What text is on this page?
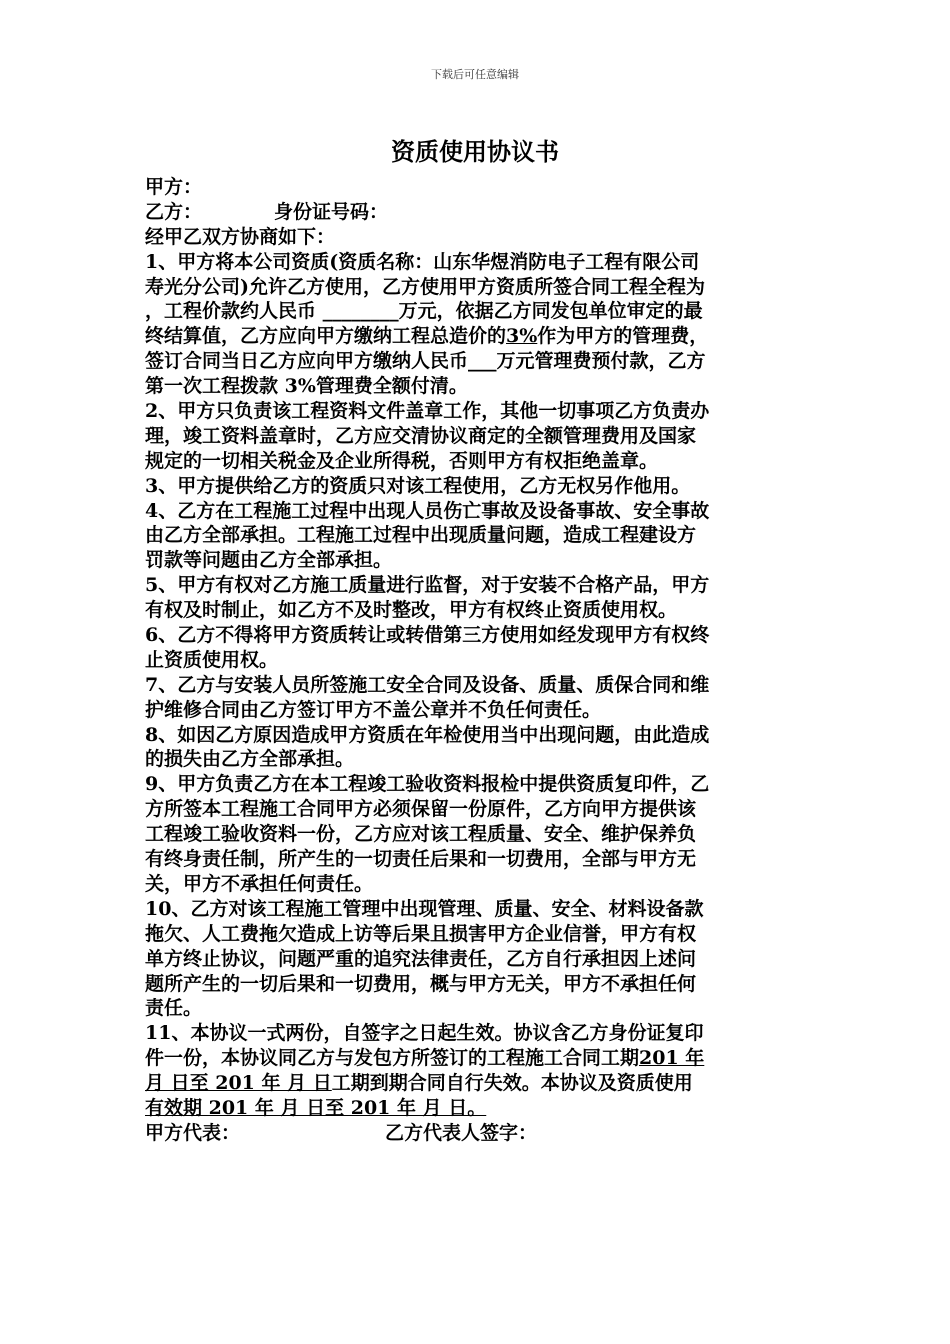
下载后可任意编辑
资质使用协议书
甲方：
乙方：	身份证号码：
经甲乙双方协商如下：
1、甲方将本公司资质(资质名称：山东华煜消防电子工程有限公司
寿光分公司)允许乙方使用，乙方使用甲方资质所签合同工程全程为
，工程价款约人民币 ________万元，依据乙方同发包单位审定的最
终结算值，乙方应向甲方缴纳工程总造价的3%作为甲方的管理费，
签订合同当日乙方应向甲方缴纳人民币___万元管理费预付款，乙方
第一次工程拨款 3%管理费全额付清。
2、甲方只负责该工程资料文件盖章工作，其他一切事项乙方负责办
理，竣工资料盖章时，乙方应交清协议商定的全额管理费用及国家
规定的一切相关税金及企业所得税，否则甲方有权拒绝盖章。
3、甲方提供给乙方的资质只对该工程使用，乙方无权另作他用。
4、乙方在工程施工过程中出现人员伤亡事故及设备事故、安全事故
由乙方全部承担。工程施工过程中出现质量问题，造成工程建设方
罚款等问题由乙方全部承担。
5、甲方有权对乙方施工质量进行监督，对于安装不合格产品，甲方
有权及时制止，如乙方不及时整改，甲方有权终止资质使用权。
6、乙方不得将甲方资质转让或转借第三方使用如经发现甲方有权终
止资质使用权。
7、乙方与安装人员所签施工安全合同及设备、质量、质保合同和维
护维修合同由乙方签订甲方不盖公章并不负任何责任。
8、如因乙方原因造成甲方资质在年检使用当中出现问题，由此造成
的损失由乙方全部承担。
9、甲方负责乙方在本工程竣工验收资料报检中提供资质复印件，乙
方所签本工程施工合同甲方必须保留一份原件，乙方向甲方提供该
工程竣工验收资料一份，乙方应对该工程质量、安全、维护保养负
有终身责任制，所产生的一切责任后果和一切费用，全部与甲方无
关，甲方不承担任何责任。
10、乙方对该工程施工管理中出现管理、质量、安全、材料设备款
拖欠、人工费拖欠造成上访等后果且损害甲方企业信誉，甲方有权
单方终止协议，问题严重的追究法律责任，乙方自行承担因上述问
题所产生的一切后果和一切费用，概与甲方无关，甲方不承担任何
责任。
11、本协议一式两份，自签字之日起生效。协议含乙方身份证复印
件一份，本协议同乙方与发包方所签订的工程施工合同工期201 年
月 日至 201 年 月 日工期到期合同自行失效。本协议及资质使用
有效期 201 年 月 日至 201 年 月 日。
甲方代表：	乙方代表人签字：
